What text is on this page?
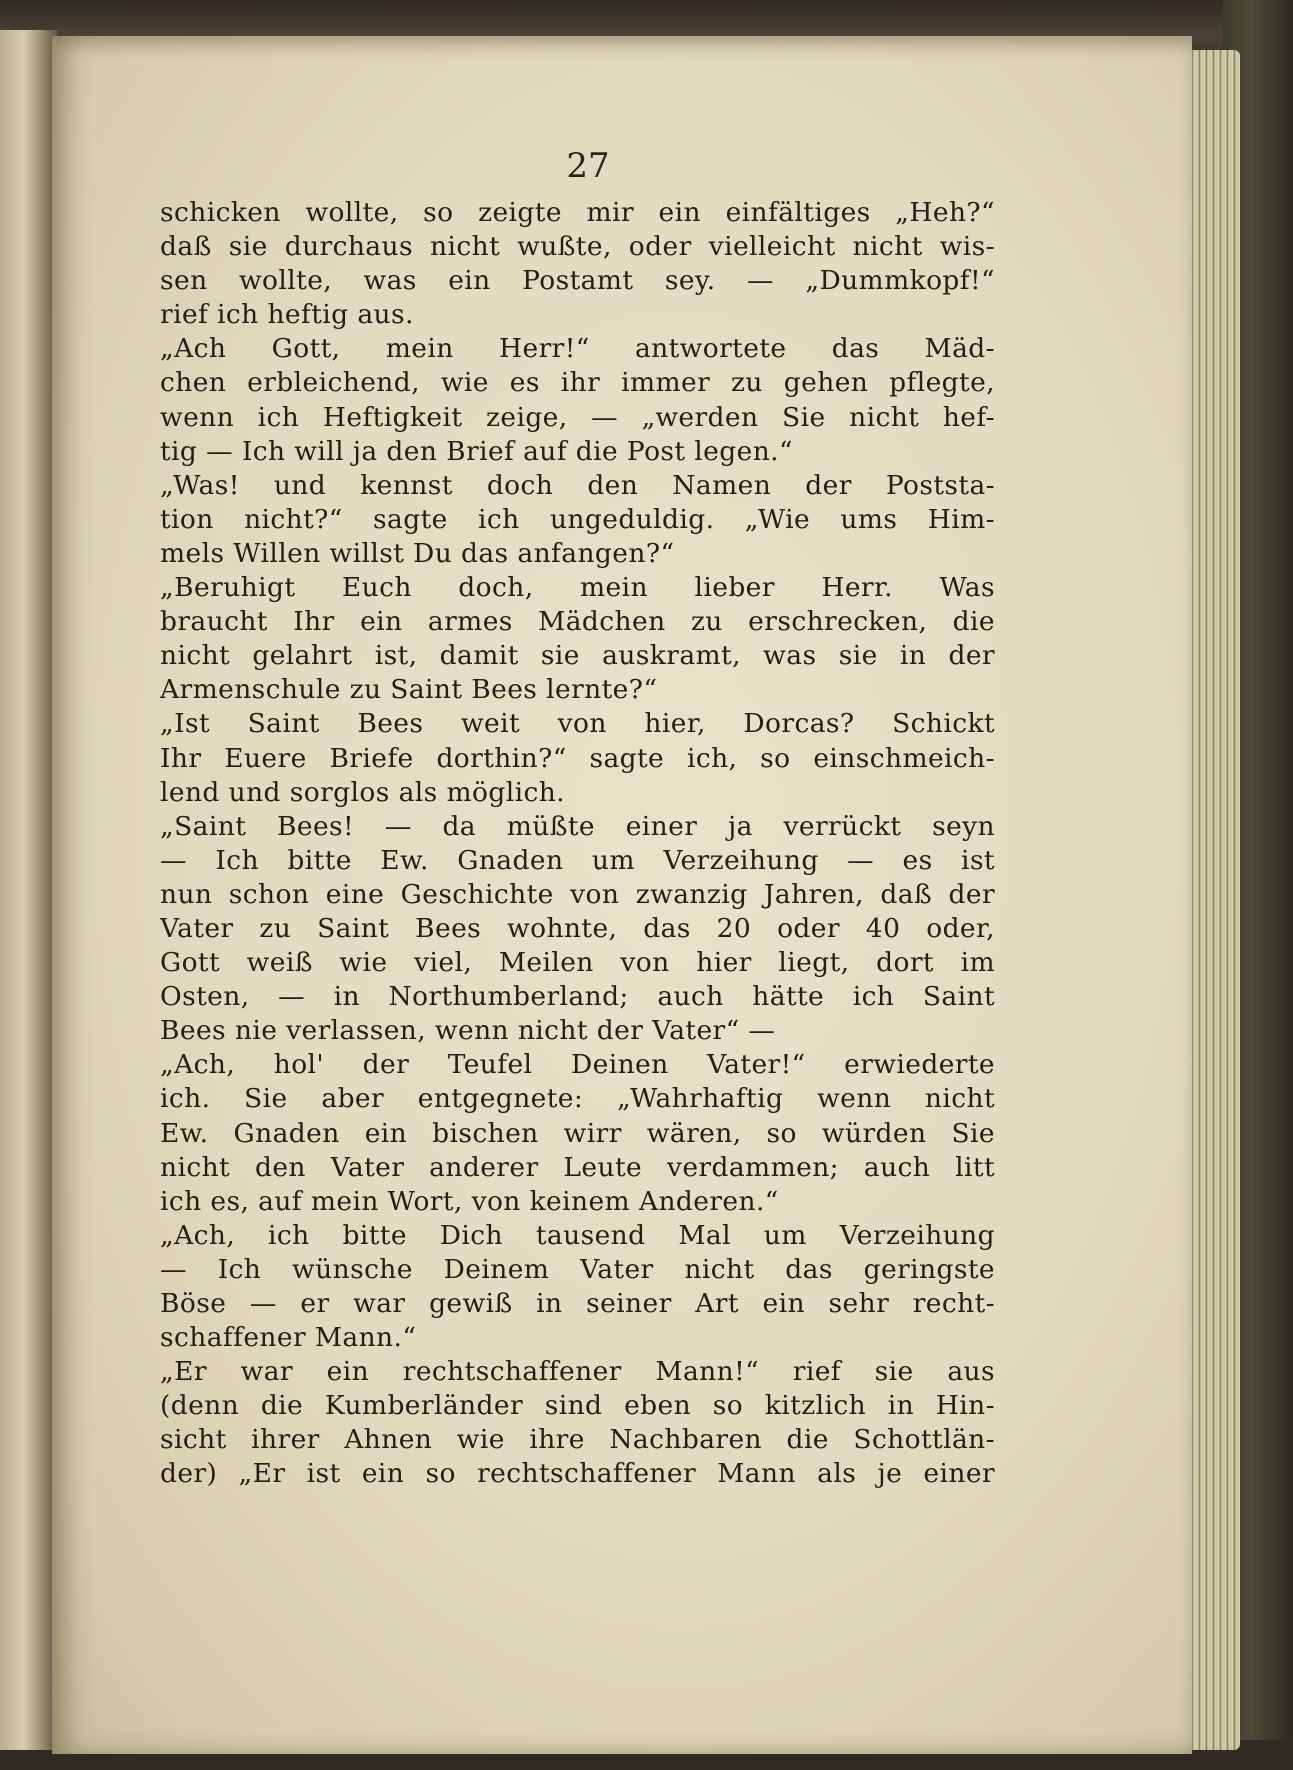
27
schicken wollte, so zeigte mir ein einfältiges „Heh?“
daß sie durchaus nicht wußte, oder vielleicht nicht wis-
sen wollte, was ein Postamt sey. — „Dummkopf!“
rief ich heftig aus.
„Ach Gott, mein Herr!“ antwortete das Mäd-
chen erbleichend, wie es ihr immer zu gehen pflegte,
wenn ich Heftigkeit zeige, — „werden Sie nicht hef-
tig — Ich will ja den Brief auf die Post legen.“
„Was! und kennst doch den Namen der Poststa-
tion nicht?“ sagte ich ungeduldig. „Wie ums Him-
mels Willen willst Du das anfangen?“
„Beruhigt Euch doch, mein lieber Herr. Was
braucht Ihr ein armes Mädchen zu erschrecken, die
nicht gelahrt ist, damit sie auskramt, was sie in der
Armenschule zu Saint Bees lernte?“
„Ist Saint Bees weit von hier, Dorcas? Schickt
Ihr Euere Briefe dorthin?“ sagte ich, so einschmeich-
lend und sorglos als möglich.
„Saint Bees! — da müßte einer ja verrückt seyn
— Ich bitte Ew. Gnaden um Verzeihung — es ist
nun schon eine Geschichte von zwanzig Jahren, daß der
Vater zu Saint Bees wohnte, das 20 oder 40 oder,
Gott weiß wie viel, Meilen von hier liegt, dort im
Osten, — in Northumberland; auch hätte ich Saint
Bees nie verlassen, wenn nicht der Vater“ —
„Ach, hol' der Teufel Deinen Vater!“ erwiederte
ich. Sie aber entgegnete: „Wahrhaftig wenn nicht
Ew. Gnaden ein bischen wirr wären, so würden Sie
nicht den Vater anderer Leute verdammen; auch litt
ich es, auf mein Wort, von keinem Anderen.“
„Ach, ich bitte Dich tausend Mal um Verzeihung
— Ich wünsche Deinem Vater nicht das geringste
Böse — er war gewiß in seiner Art ein sehr recht-
schaffener Mann.“
„Er war ein rechtschaffener Mann!“ rief sie aus
(denn die Kumberländer sind eben so kitzlich in Hin-
sicht ihrer Ahnen wie ihre Nachbaren die Schottlän-
der) „Er ist ein so rechtschaffener Mann als je einer
